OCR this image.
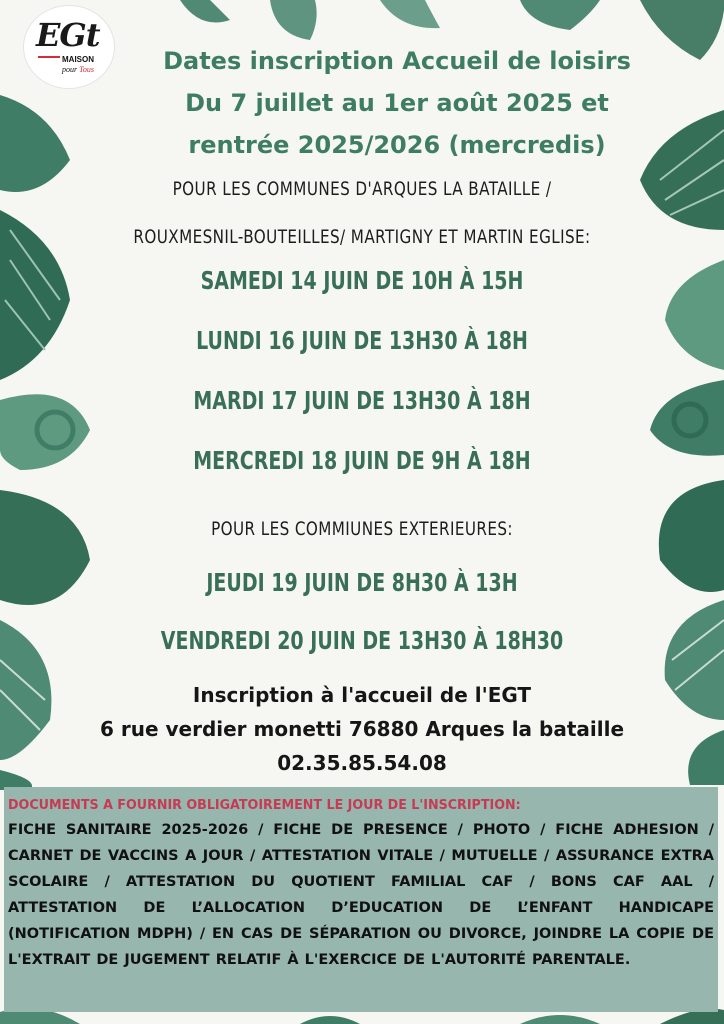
EGt
MAISON
pour Tous	Dates inscription Accueil de loisirs
Du 7 juillet au 1er août 2025 et
rentrée 2025/2026 (mercredis)

POUR LES COMMUNES D'ARQUES LA BATAILLE /

ROUXMESNIL-BOUTEILLES/ MARTIGNY ET MARTIN EGLISE:

SAMEDI 14 JUIN DE 10H À 15H

LUNDI 16 JUIN DE 13H30 À 18H

MARDI 17 JUIN DE 13H30 À 18H

MERCREDI 18 JUIN DE 9H À 18H

POUR LES COMMIUNES EXTERIEURES:

JEUDI 19 JUIN DE 8H30 À 13H

VENDREDI 20 JUIN DE 13H30 À 18H30

Inscription à l'accueil de l'EGT
6 rue verdier monetti 76880 Arques la bataille
02.35.85.54.08

DOCUMENTS A FOURNIR OBLIGATOIREMENT LE JOUR DE L'INSCRIPTION:

FICHE SANITAIRE 2025-2026 / FICHE DE PRESENCE / PHOTO / FICHE ADHESION / CARNET DE VACCINS A JOUR / ATTESTATION VITALE / MUTUELLE / ASSURANCE EXTRA SCOLAIRE / ATTESTATION DU QUOTIENT FAMILIAL CAF / BONS CAF AAL / ATTESTATION DE L’ALLOCATION D’EDUCATION DE L’ENFANT HANDICAPE (NOTIFICATION MDPH) / EN CAS DE SÉPARATION OU DIVORCE, JOINDRE LA COPIE DE L'EXTRAIT DE JUGEMENT RELATIF À L'EXERCICE DE L'AUTORITÉ PARENTALE.
